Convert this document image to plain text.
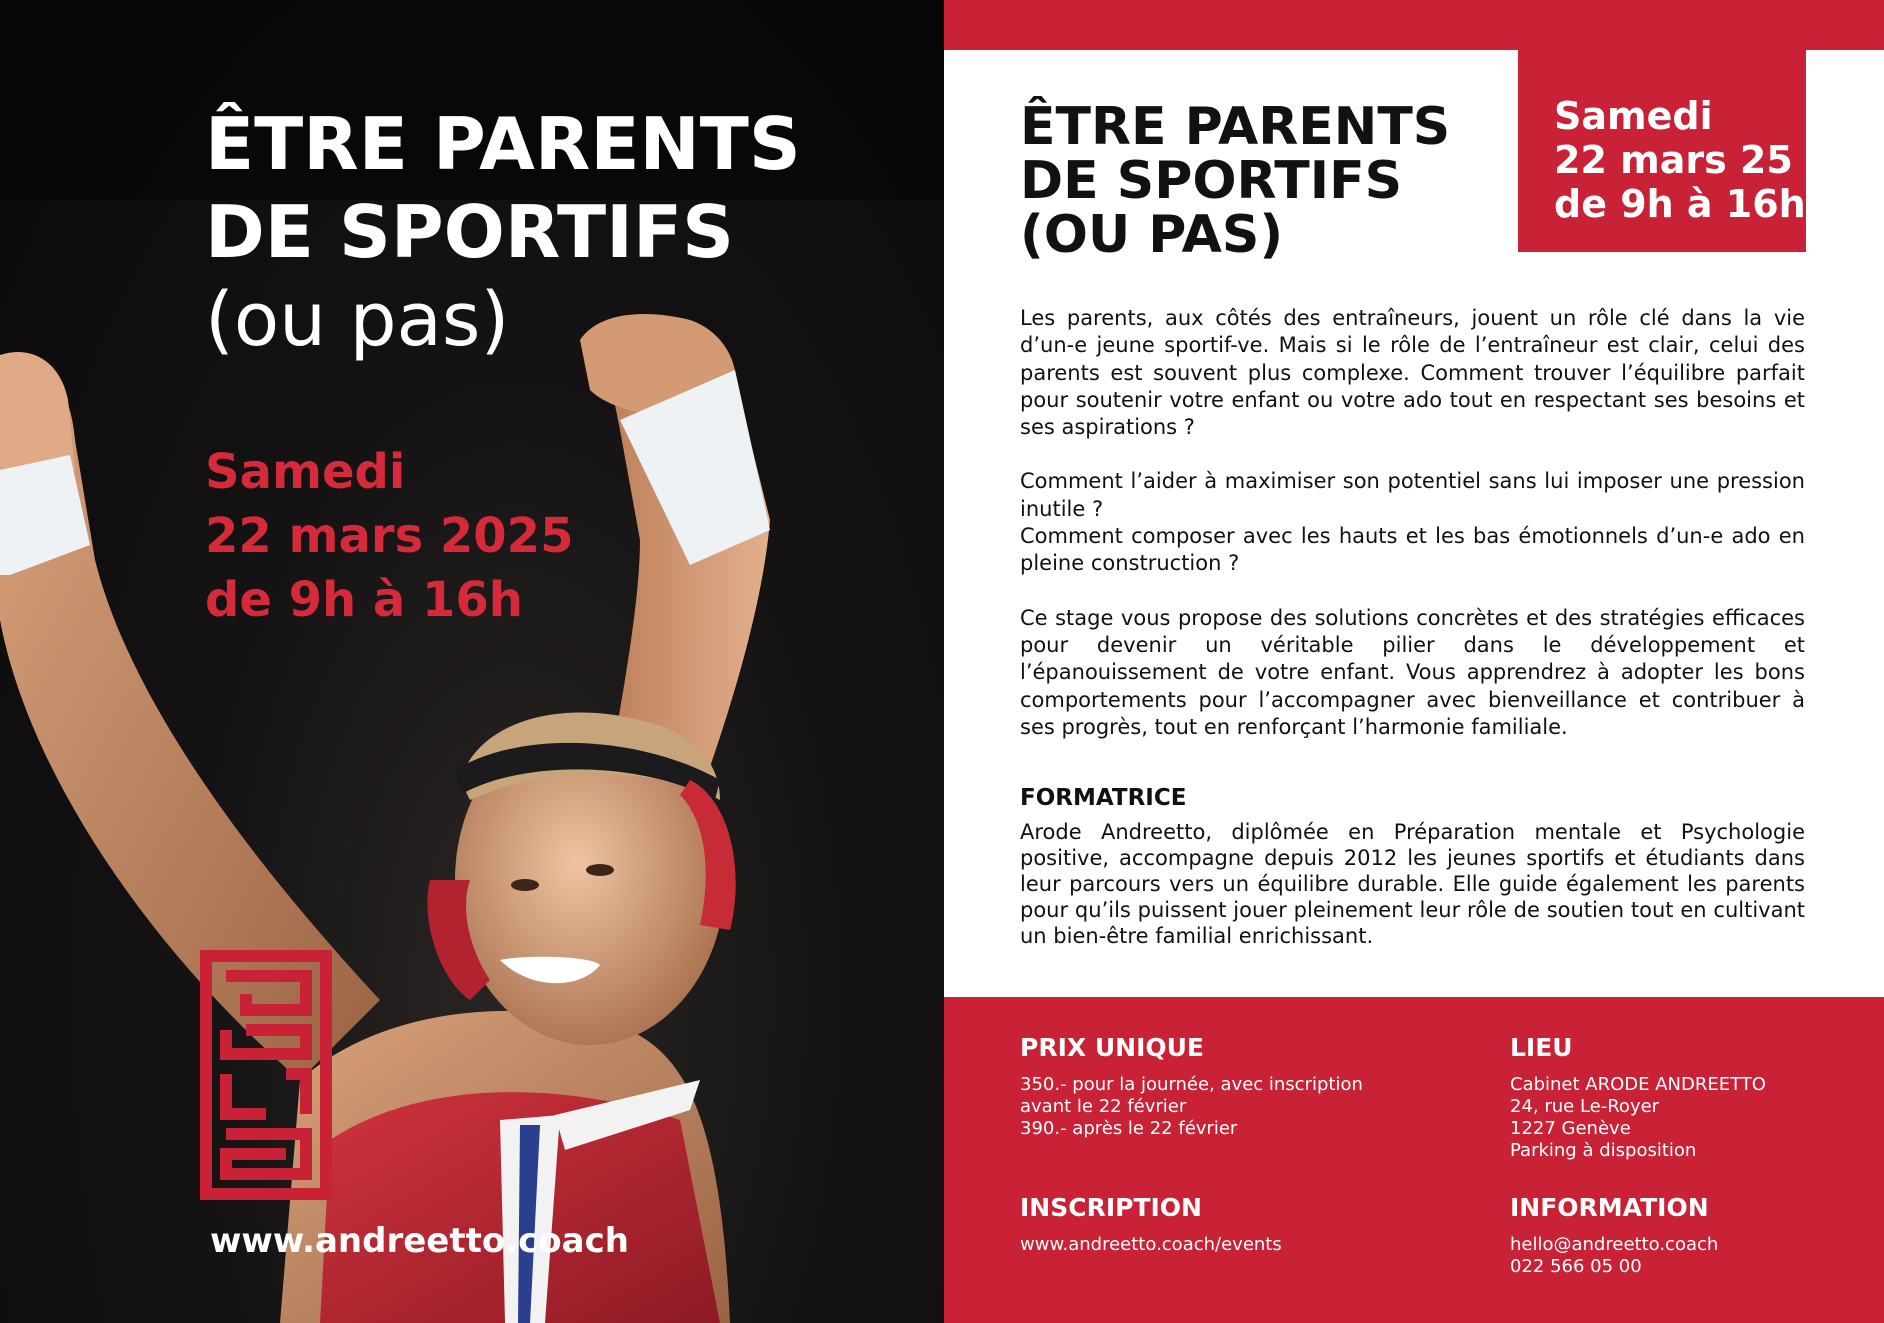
ÊTRE PARENTS
DE SPORTIFS
(ou pas)
Samedi
22 mars 2025
de 9h à 16h
www.andreetto.coach
Samedi
22 mars 25
de 9h à 16h
ÊTRE PARENTS
DE SPORTIFS
(OU PAS)

Les parents, aux côtés des entraîneurs, jouent un rôle clé dans la vie d’un-e jeune sportif-ve. Mais si le rôle de l’entraîneur est clair, celui des parents est souvent plus complexe. Comment trouver l’équilibre parfait pour soutenir votre enfant ou votre ado tout en respectant ses besoins et ses aspirations ?

Comment l’aider à maximiser son potentiel sans lui imposer une pression inutile ?

Comment composer avec les hauts et les bas émotionnels d’un-e ado en pleine construction ?

Ce stage vous propose des solutions concrètes et des stratégies efficaces pour devenir un véritable pilier dans le développement et l’épanouissement de votre enfant. Vous apprendrez à adopter les bons comportements pour l’accompagner avec bienveillance et contribuer à ses progrès, tout en renforçant l’harmonie familiale.

FORMATRICE

Arode Andreetto, diplômée en Préparation mentale et Psychologie positive, accompagne depuis 2012 les jeunes sportifs et étudiants dans leur parcours vers un équilibre durable. Elle guide également les parents pour qu’ils puissent jouer pleinement leur rôle de soutien tout en cultivant un bien-être familial enrichissant.

PRIX UNIQUE
350.- pour la journée, avec inscription
avant le 22 février
390.- après le 22 février
LIEU
Cabinet ARODE ANDREETTO
24, rue Le-Royer
1227 Genève
Parking à disposition
INSCRIPTION
www.andreetto.coach/events
INFORMATION
hello@andreetto.coach
022 566 05 00
